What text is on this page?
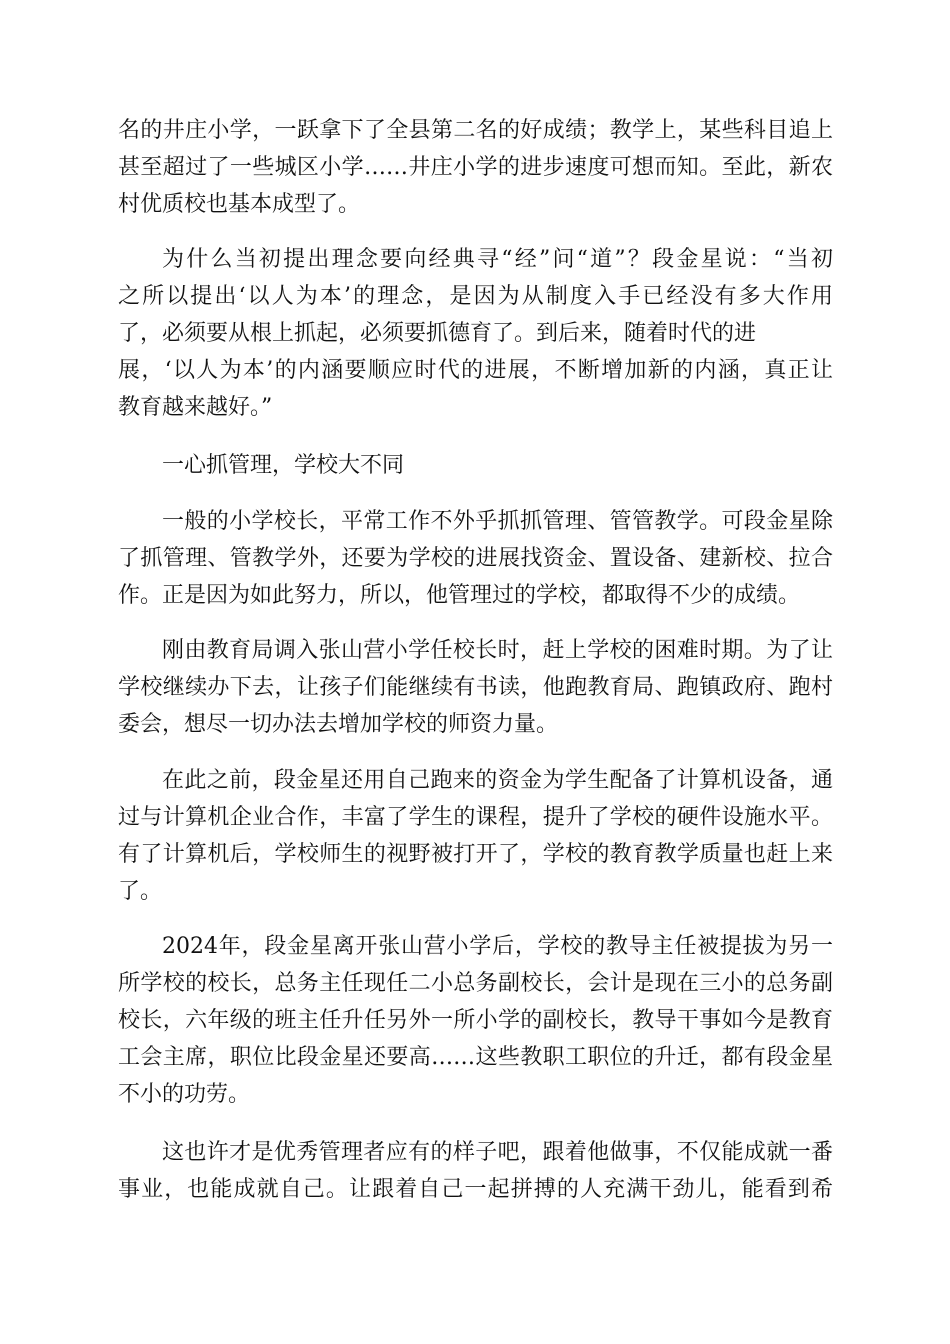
名的井庄小学，一跃拿下了全县第二名的好成绩；教学上，某些科目追上
甚至超过了一些城区小学……井庄小学的进步速度可想而知。至此，新农
村优质校也基本成型了。
为什么当初提出理念要向经典寻“经”问“道”？段金星说：“当初
之所以提出‘以人为本’的理念，是因为从制度入手已经没有多大作用
了，必须要从根上抓起，必须要抓德育了。到后来，随着时代的进
展，‘以人为本’的内涵要顺应时代的进展，不断增加新的内涵，真正让
教育越来越好。”
一心抓管理，学校大不同
一般的小学校长，平常工作不外乎抓抓管理、管管教学。可段金星除
了抓管理、管教学外，还要为学校的进展找资金、置设备、建新校、拉合
作。正是因为如此努力，所以，他管理过的学校，都取得不少的成绩。
刚由教育局调入张山营小学任校长时，赶上学校的困难时期。为了让
学校继续办下去，让孩子们能继续有书读，他跑教育局、跑镇政府、跑村
委会，想尽一切办法去增加学校的师资力量。
在此之前，段金星还用自己跑来的资金为学生配备了计算机设备，通
过与计算机企业合作，丰富了学生的课程，提升了学校的硬件设施水平。
有了计算机后，学校师生的视野被打开了，学校的教育教学质量也赶上来
了。
2024年，段金星离开张山营小学后，学校的教导主任被提拔为另一
所学校的校长，总务主任现任二小总务副校长，会计是现在三小的总务副
校长，六年级的班主任升任另外一所小学的副校长，教导干事如今是教育
工会主席，职位比段金星还要高……这些教职工职位的升迁，都有段金星
不小的功劳。
这也许才是优秀管理者应有的样子吧，跟着他做事，不仅能成就一番
事业，也能成就自己。让跟着自己一起拼搏的人充满干劲儿，能看到希
